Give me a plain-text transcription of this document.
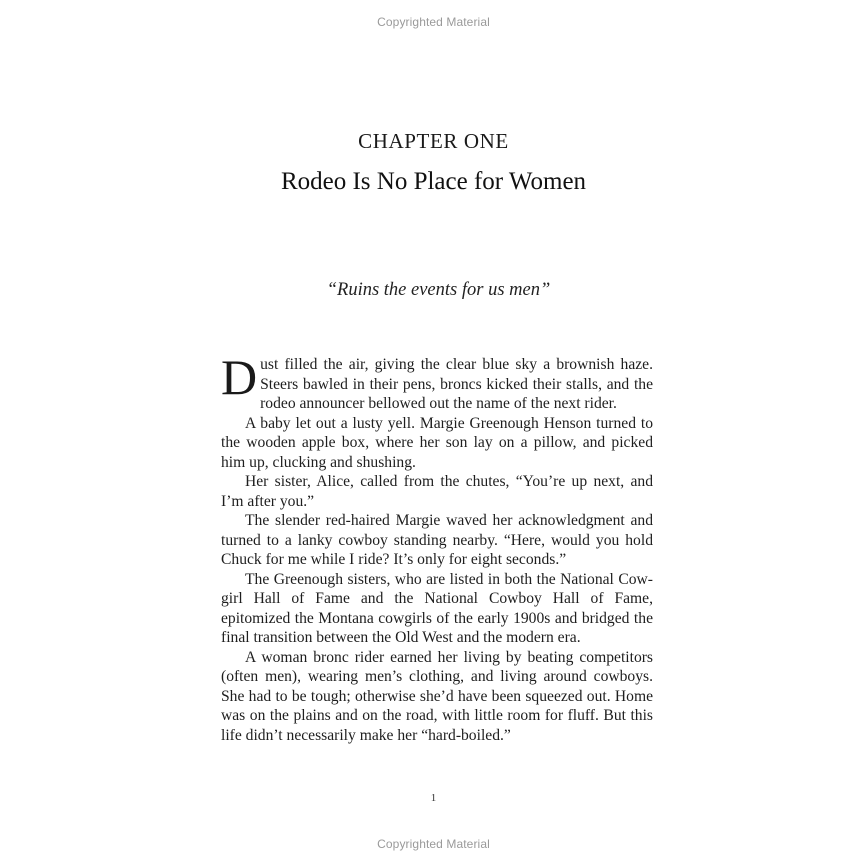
Copyrighted Material
CHAPTER ONE
Rodeo Is No Place for Women
“Ruins the events for us men”

Dust filled the air, giving the clear blue sky a brownish haze. Steers bawled in their pens, broncs kicked their stalls, and the rodeo announcer bellowed out the name of the next rider.

A baby let out a lusty yell. Margie Greenough Henson turned to the wooden apple box, where her son lay on a pillow, and picked him up, clucking and shushing.

Her sister, Alice, called from the chutes, “You’re up next, and I’m after you.”

The slender red-haired Margie waved her acknowledgment and turned to a lanky cowboy standing nearby. “Here, would you hold Chuck for me while I ride? It’s only for eight seconds.”

The Greenough sisters, who are listed in both the National Cowgirl Hall of Fame and the National Cowboy Hall of Fame, epitomized the Montana cowgirls of the early 1900s and bridged the final transition between the Old West and the modern era.

A woman bronc rider earned her living by beating competitors (often men), wearing men’s clothing, and living around cowboys. She had to be tough; otherwise she’d have been squeezed out. Home was on the plains and on the road, with little room for fluff. But this life didn’t necessarily make her “hard-boiled.”

1
Copyrighted Material
